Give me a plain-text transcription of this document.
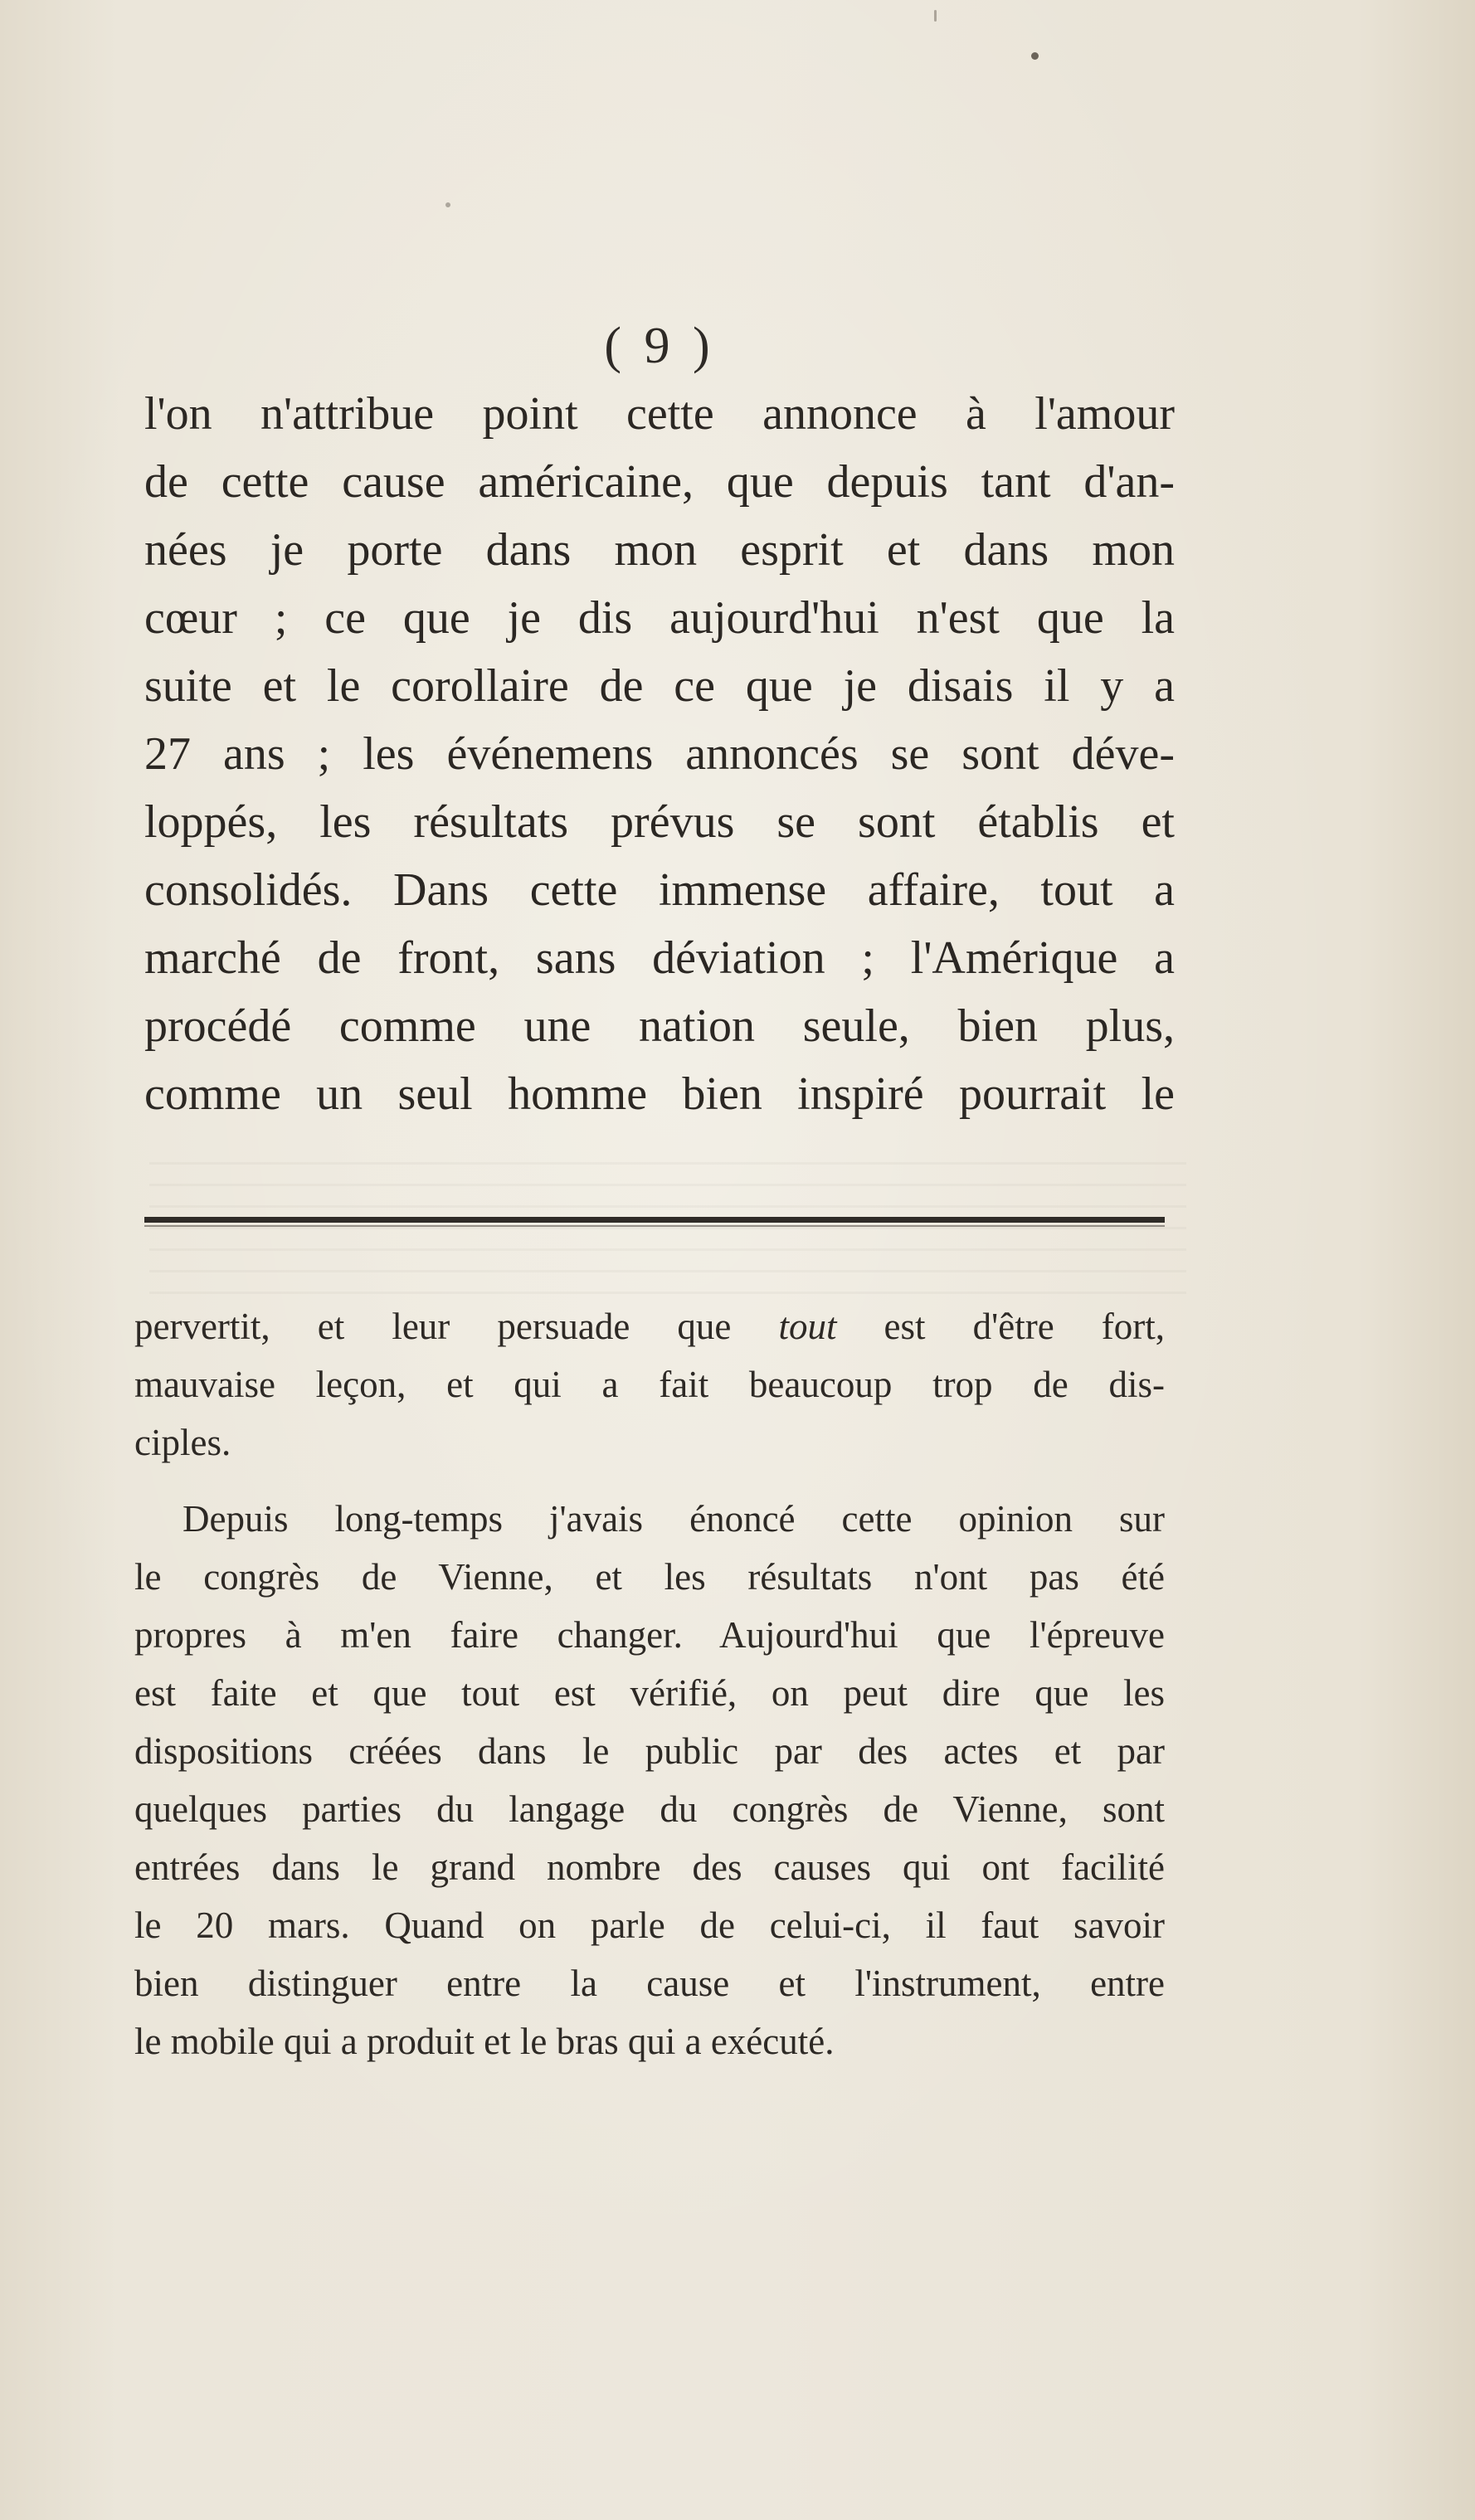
( 9 )
l'on n'attribue point cette annonce à l'amour
de cette cause américaine, que depuis tant d'an-
nées je porte dans mon esprit et dans mon
cœur ; ce que je dis aujourd'hui n'est que la
suite et le corollaire de ce que je disais il y a
27 ans ; les événemens annoncés se sont déve-
loppés, les résultats prévus se sont établis et
consolidés. Dans cette immense affaire, tout a
marché de front, sans déviation ; l'Amérique a
procédé comme une nation seule, bien plus,
comme un seul homme bien inspiré pourrait le
pervertit, et leur persuade que tout est d'être fort,
mauvaise leçon, et qui a fait beaucoup trop de dis-
ciples.
Depuis long-temps j'avais énoncé cette opinion sur
le congrès de Vienne, et les résultats n'ont pas été
propres à m'en faire changer. Aujourd'hui que l'épreuve
est faite et que tout est vérifié, on peut dire que les
dispositions créées dans le public par des actes et par
quelques parties du langage du congrès de Vienne, sont
entrées dans le grand nombre des causes qui ont facilité
le 20 mars. Quand on parle de celui-ci, il faut savoir
bien distinguer entre la cause et l'instrument, entre
le mobile qui a produit et le bras qui a exécuté.
